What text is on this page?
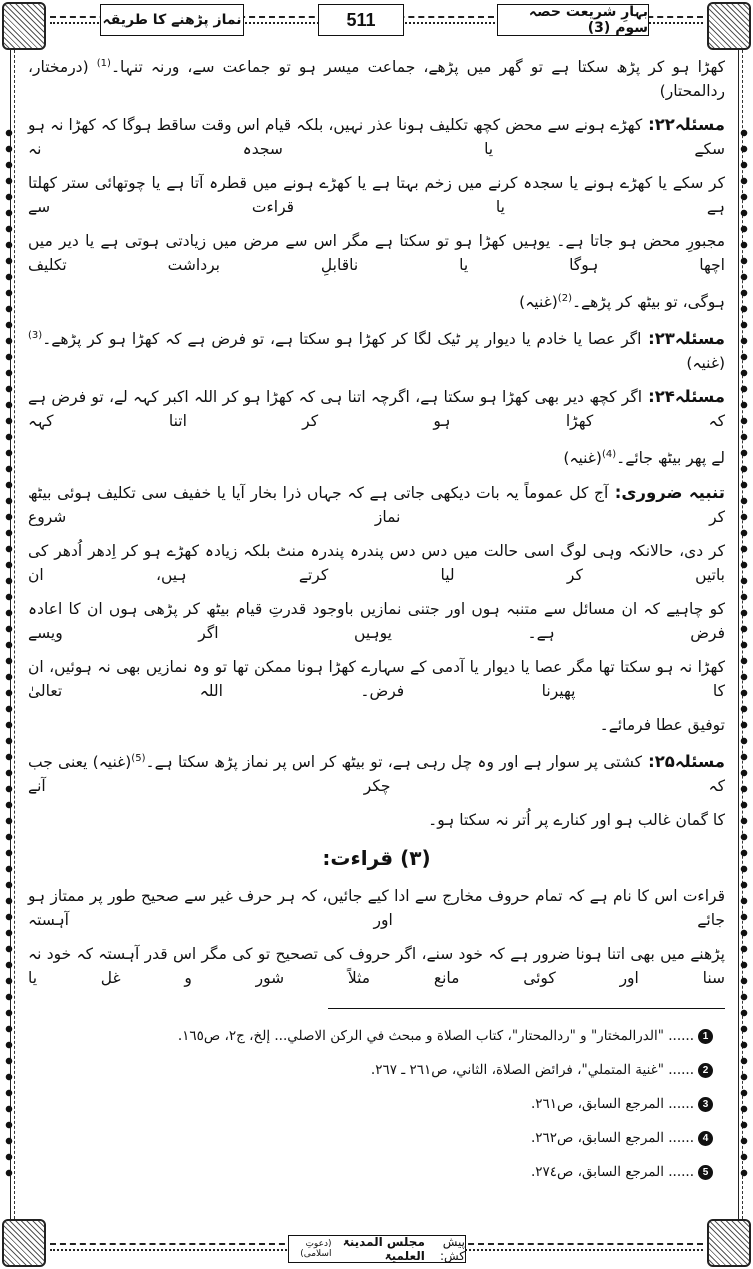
بہارِ شریعت حصہ سوم (3)
511
نماز پڑھنے کا طریقہ
کھڑا ہو کر پڑھ سکتا ہے تو گھر میں پڑھے، جماعت میسر ہو تو جماعت سے، ورنہ تنہا۔$^{(1)}$ (درمختار، ردالمحتار)
مسئلہ۲۲: کھڑے ہونے سے محض کچھ تکلیف ہونا عذر نہیں، بلکہ قیام اس وقت ساقط ہوگا کہ کھڑا نہ ہو سکے یا سجدہ نہ
کر سکے یا کھڑے ہونے یا سجدہ کرنے میں زخم بہتا ہے یا کھڑے ہونے میں قطرہ آتا ہے یا چوتھائی ستر کھلتا ہے یا قراءت سے
مجبورِ محض ہو جاتا ہے۔ یوہیں کھڑا ہو تو سکتا ہے مگر اس سے مرض میں زیادتی ہوتی ہے یا دیر میں اچھا ہوگا یا ناقابلِ برداشت تکلیف
ہوگی، تو بیٹھ کر پڑھے۔$^{(2)}$(غنیہ)
مسئلہ۲۳: اگر عصا یا خادم یا دیوار پر ٹیک لگا کر کھڑا ہو سکتا ہے، تو فرض ہے کہ کھڑا ہو کر پڑھے۔$^{(3)}$(غنیہ)
مسئلہ۲۴: اگر کچھ دیر بھی کھڑا ہو سکتا ہے، اگرچہ اتنا ہی کہ کھڑا ہو کر اللہ اکبر کہہ لے، تو فرض ہے کہ کھڑا ہو کر اتنا کہہ
لے پھر بیٹھ جائے۔$^{(4)}$(غنیہ)
تنبیہ ضروری: آج کل عموماً یہ بات دیکھی جاتی ہے کہ جہاں ذرا بخار آیا یا خفیف سی تکلیف ہوئی بیٹھ کر نماز شروع
کر دی، حالانکہ وہی لوگ اسی حالت میں دس دس پندرہ پندرہ منٹ بلکہ زیادہ کھڑے ہو کر اِدھر اُدھر کی باتیں کر لیا کرتے ہیں، ان
کو چاہیے کہ ان مسائل سے متنبہ ہوں اور جتنی نمازیں باوجود قدرتِ قیام بیٹھ کر پڑھی ہوں ان کا اعادہ فرض ہے۔ یوہیں اگر ویسے
کھڑا نہ ہو سکتا تھا مگر عصا یا دیوار یا آدمی کے سہارے کھڑا ہونا ممکن تھا تو وہ نمازیں بھی نہ ہوئیں، ان کا پھیرنا فرض۔ اللہ تعالیٰ
توفیق عطا فرمائے۔
مسئلہ۲۵: کشتی پر سوار ہے اور وہ چل رہی ہے، تو بیٹھ کر اس پر نماز پڑھ سکتا ہے۔$^{(5)}$(غنیہ) یعنی جب کہ چکر آنے
کا گمان غالب ہو اور کنارے پر اُتر نہ سکتا ہو۔
(۳) قراءت:
قراءت اس کا نام ہے کہ تمام حروف مخارج سے ادا کیے جائیں، کہ ہر حرف غیر سے صحیح طور پر ممتاز ہو جائے اور آہستہ
پڑھنے میں بھی اتنا ہونا ضرور ہے کہ خود سنے، اگر حروف کی تصحیح تو کی مگر اس قدر آہستہ کہ خود نہ سنا اور کوئی مانع مثلاً شور و غل یا
1...... "الدرالمختار" و "ردالمحتار"، كتاب الصلاة و مبحث في الركن الاصلي... إلخ، ج٢، ص١٦٥.
2...... "غنية المتملي"، فرائض الصلاة، الثاني، ص٢٦١ ـ ٢٦٧.
3...... المرجع السابق، ص٢٦١.
4...... المرجع السابق، ص٢٦٢.
5...... المرجع السابق، ص٢٧٤.
پیش کش:
مجلس المدینۃ العلمیۃ
(دعوتِ اسلامی)
